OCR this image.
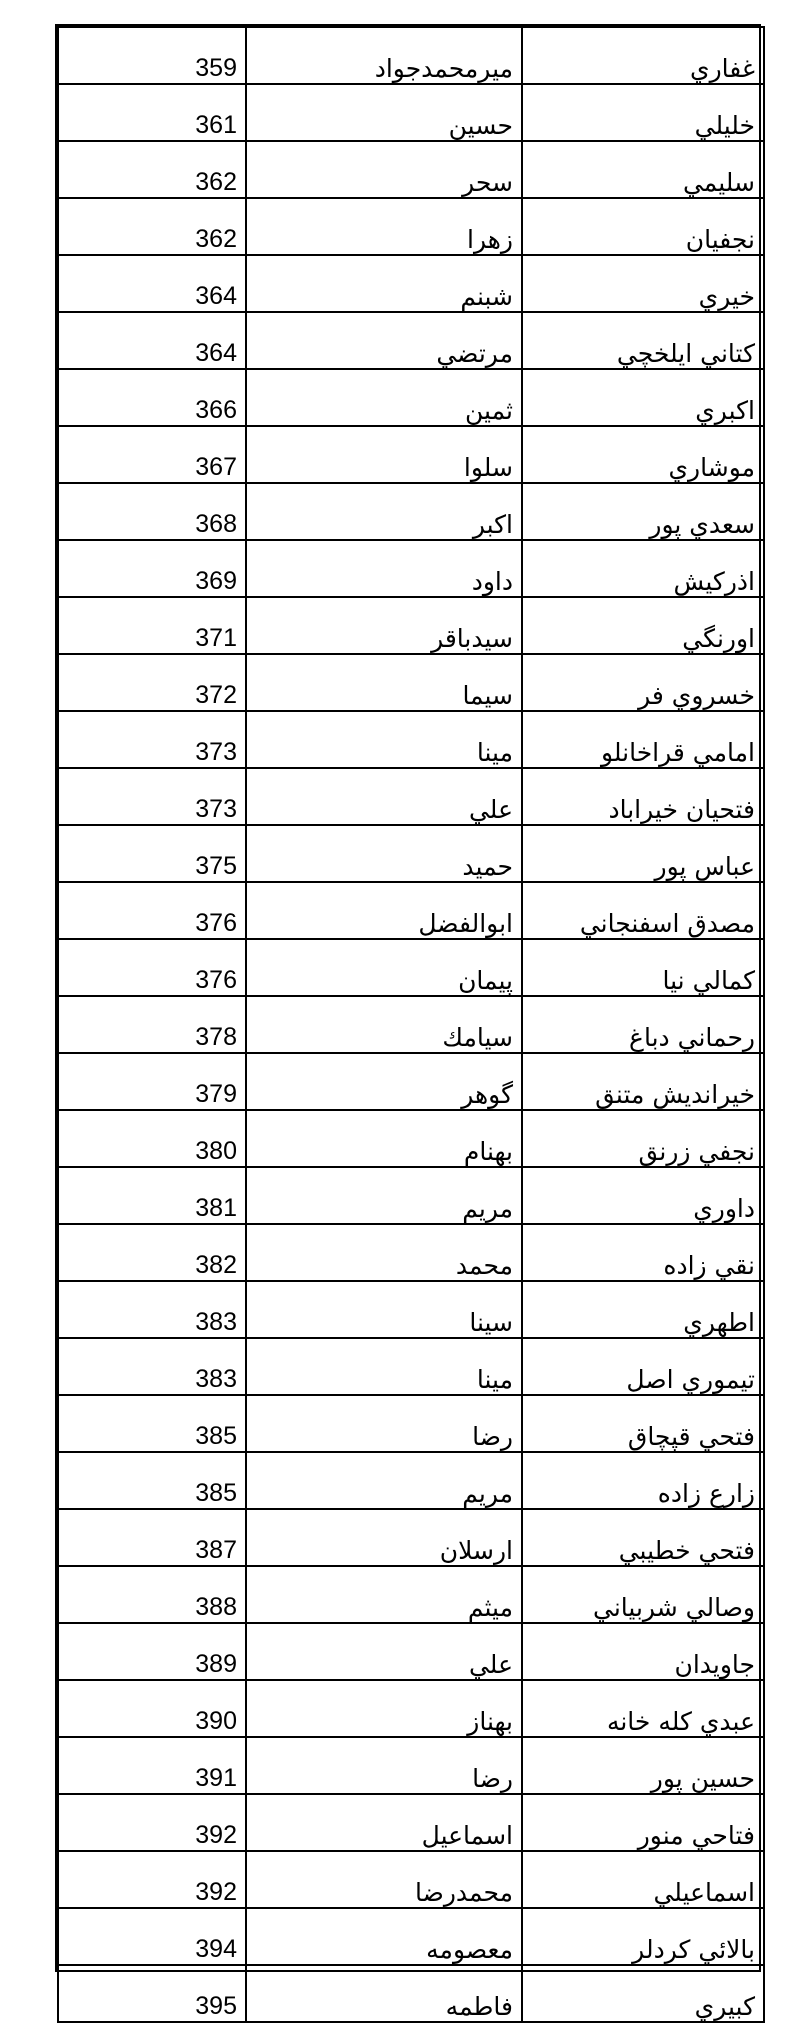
359	ميرمحمدجواد	غفاري
361	حسين	خليلي
362	سحر	سليمي
362	زهرا	نجفيان
364	شبنم	خيري
364	مرتضي	كتاني ايلخچي
366	ثمين	اكبري
367	سلوا	موشاري
368	اكبر	سعدي پور
369	داود	اذركيش
371	سيدباقر	اورنگي
372	سيما	خسروي فر
373	مينا	امامي قراخانلو
373	علي	فتحيان خيراباد
375	حميد	عباس پور
376	ابوالفضل	مصدق اسفنجاني
376	پيمان	كمالي نيا
378	سيامك	رحماني دباغ
379	گوهر	خيرانديش متنق
380	بهنام	نجفي زرنق
381	مريم	داوري
382	محمد	نقي زاده
383	سينا	اطهري
383	مينا	تيموري اصل
385	رضا	فتحي قپچاق
385	مريم	زارع زاده
387	ارسلان	فتحي خطيبي
388	ميثم	وصالي شربياني
389	علي	جاويدان
390	بهناز	عبدي كله خانه
391	رضا	حسين پور
392	اسماعيل	فتاحي منور
392	محمدرضا	اسماعيلي
394	معصومه	بالائي كردلر
395	فاطمه	كبيري
